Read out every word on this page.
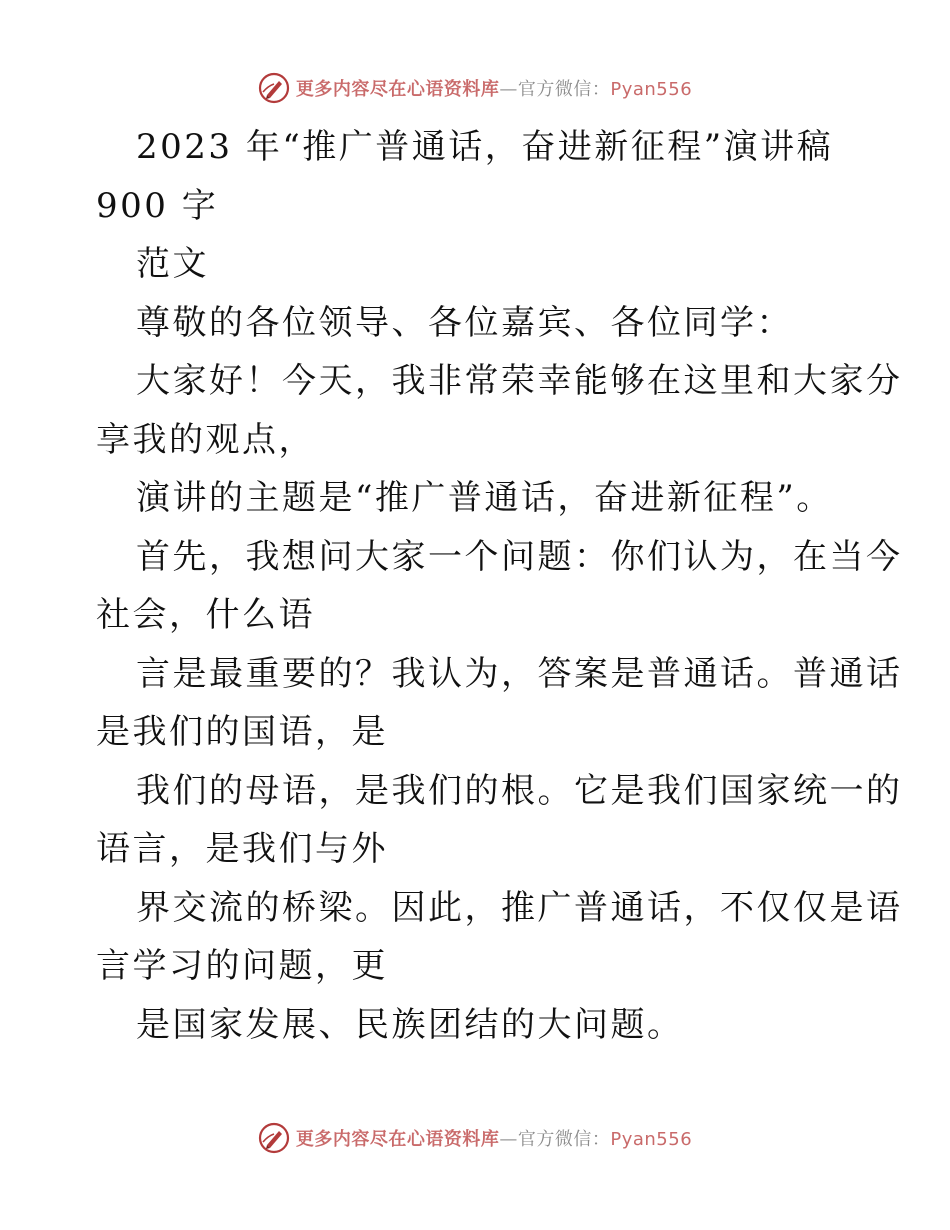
更多内容尽在心语资料库—官方微信：Pyan556
2023 年“推广普通话，奋进新征程”演讲稿
900 字
范文
尊敬的各位领导、各位嘉宾、各位同学：
大家好！今天，我非常荣幸能够在这里和大家分
享我的观点，
演讲的主题是“推广普通话，奋进新征程”。
首先，我想问大家一个问题：你们认为，在当今
社会，什么语
言是最重要的？我认为，答案是普通话。普通话
是我们的国语，是
我们的母语，是我们的根。它是我们国家统一的
语言，是我们与外
界交流的桥梁。因此，推广普通话，不仅仅是语
言学习的问题，更
是国家发展、民族团结的大问题。
更多内容尽在心语资料库—官方微信：Pyan556
